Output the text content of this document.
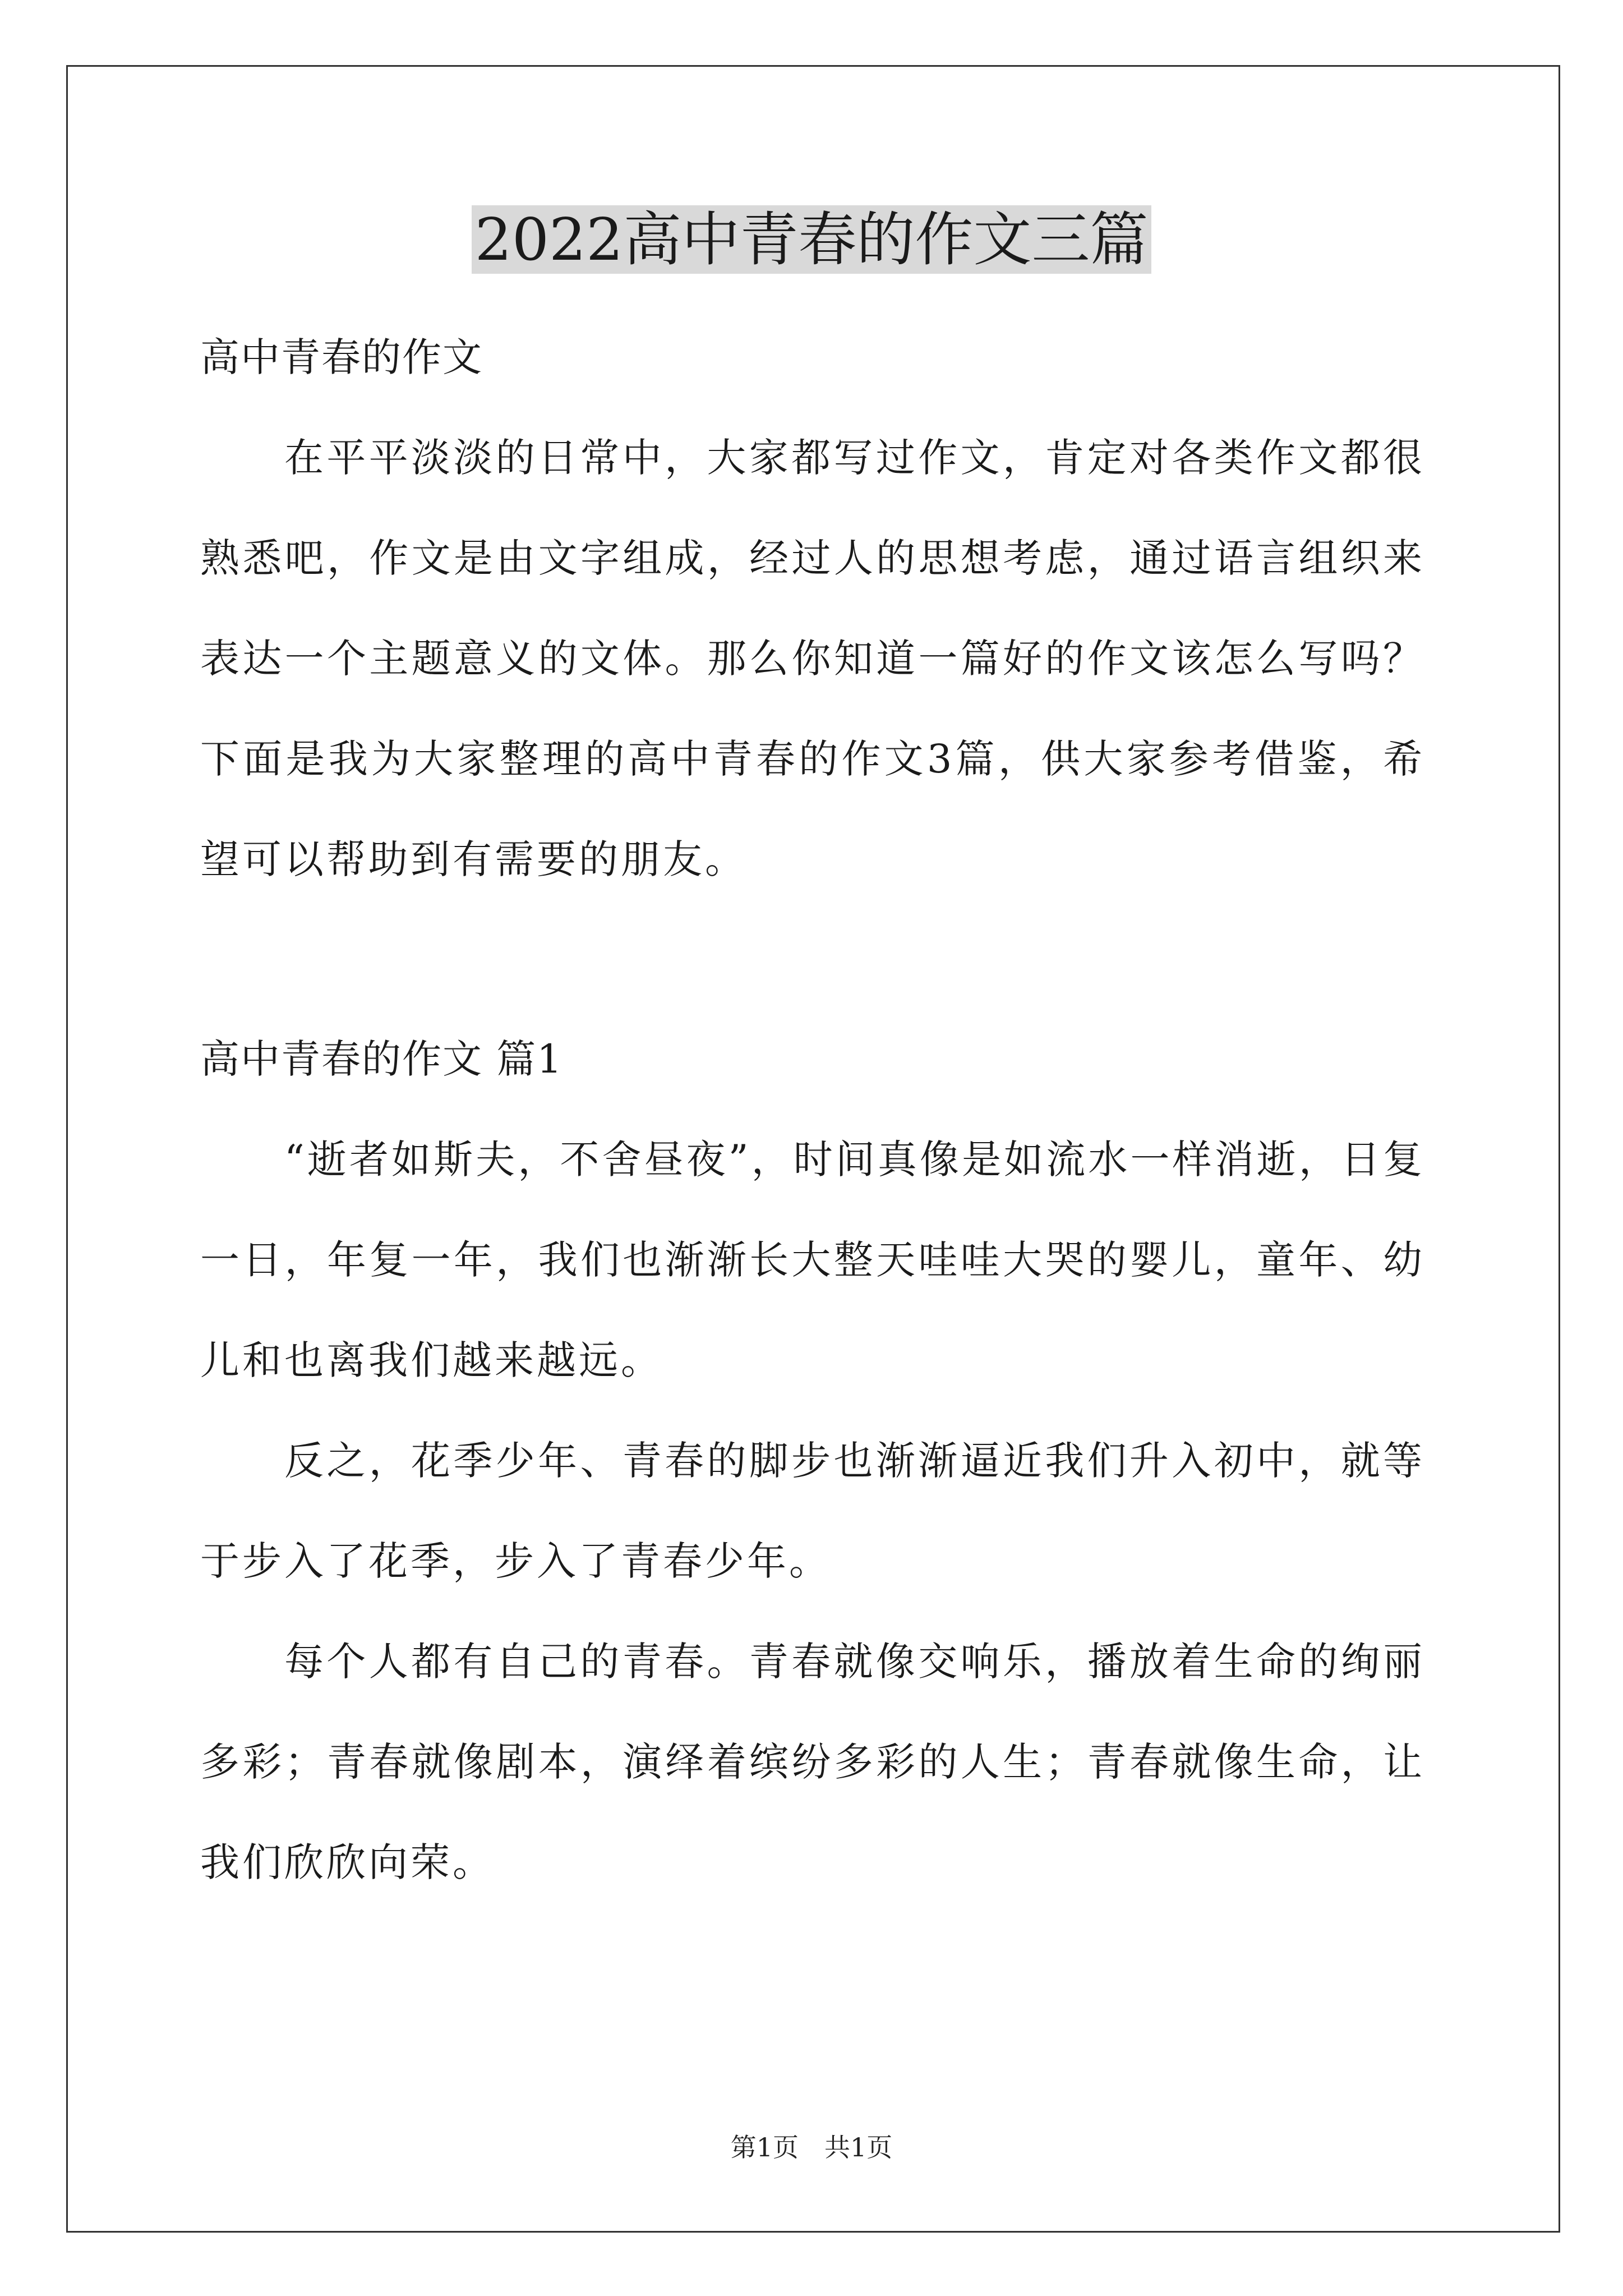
2022高中青春的作文三篇

高中青春的作文

在平平淡淡的日常中，大家都写过作文，肯定对各类作文都很熟悉吧，作文是由文字组成，经过人的思想考虑，通过语言组织来表达一个主题意义的文体。那么你知道一篇好的作文该怎么写吗？下面是我为大家整理的高中青春的作文3篇，供大家参考借鉴，希望可以帮助到有需要的朋友。

高中青春的作文 篇1

“逝者如斯夫，不舍昼夜”，时间真像是如流水一样消逝，日复一日，年复一年，我们也渐渐长大整天哇哇大哭的婴儿，童年、幼儿和也离我们越来越远。

反之，花季少年、青春的脚步也渐渐逼近我们升入初中，就等于步入了花季，步入了青春少年。

每个人都有自己的青春。青春就像交响乐，播放着生命的绚丽多彩；青春就像剧本，演绎着缤纷多彩的人生；青春就像生命，让我们欣欣向荣。

第1页 共1页
